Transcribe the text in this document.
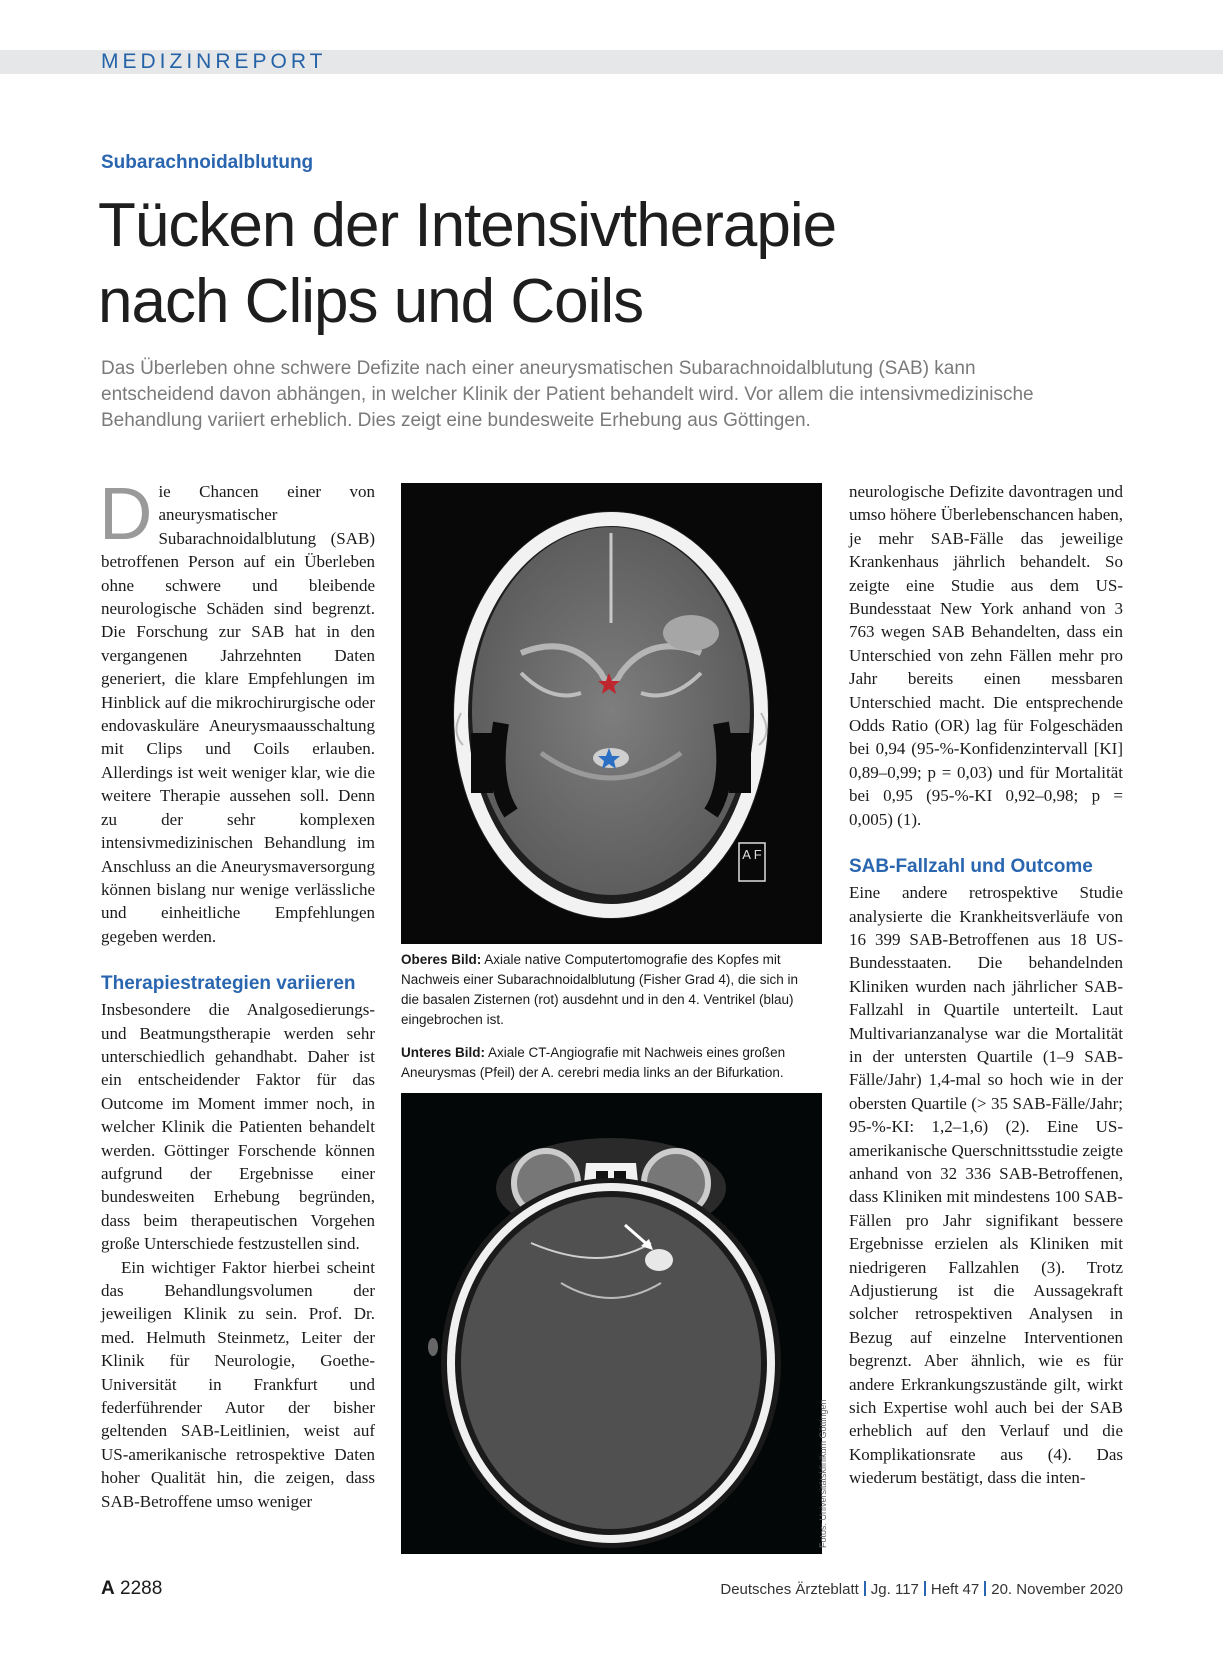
MEDIZINREPORT
Subarachnoidalblutung
Tücken der Intensivtherapie
nach Clips und Coils
Das Überleben ohne schwere Defizite nach einer aneurysmatischen Subarachnoidalblutung (SAB) kann entscheidend davon abhängen, in welcher Klinik der Patient behandelt wird. Vor allem die intensivmedizinische Behandlung variiert erheblich. Dies zeigt eine bundesweite Erhebung aus Göttingen.

Die Chancen einer von aneurysmatischer Subarachnoidalblutung (SAB) betroffenen Person auf ein Überleben ohne schwere und bleibende neurologische Schäden sind begrenzt. Die Forschung zur SAB hat in den vergangenen Jahrzehnten Daten generiert, die klare Empfehlungen im Hinblick auf die mikrochirurgische oder endovaskuläre Aneurysmaausschaltung mit Clips und Coils erlauben. Allerdings ist weit weniger klar, wie die weitere Therapie aussehen soll. Denn zu der sehr komplexen intensivmedizinischen Behandlung im Anschluss an die Aneurysmaversorgung können bislang nur wenige verlässliche und einheitliche Empfehlungen gegeben werden.

Therapiestrategien variieren

Insbesondere die Analgosedierungs- und Beatmungstherapie werden sehr unterschiedlich gehandhabt. Daher ist ein entscheidender Faktor für das Outcome im Moment immer noch, in welcher Klinik die Patienten behandelt werden. Göttinger Forschende können aufgrund der Ergebnisse einer bundesweiten Erhebung begründen, dass beim therapeutischen Vorgehen große Unterschiede festzustellen sind.

Ein wichtiger Faktor hierbei scheint das Behandlungsvolumen der jeweiligen Klinik zu sein. Prof. Dr. med. Helmuth Steinmetz, Leiter der Klinik für Neurologie, Goethe-Universität in Frankfurt und federführender Autor der bisher geltenden SAB-Leitlinien, weist auf US-amerikanische retrospektive Daten hoher Qualität hin, die zeigen, dass SAB-Betroffene umso weniger

A F
Oberes Bild: Axiale native Computertomografie des Kopfes mit Nachweis einer Subarachnoidalblutung (Fisher Grad 4), die sich in die basalen Zisternen (rot) ausdehnt und in den 4. Ventrikel (blau) eingebrochen ist.
Unteres Bild: Axiale CT-Angiografie mit Nachweis eines großen Aneurysmas (Pfeil) der A. cerebri media links an der Bifurkation.
Fotos: Universitätsklinikum Göttingen

neurologische Defizite davontragen und umso höhere Überlebenschancen haben, je mehr SAB-Fälle das jeweilige Krankenhaus jährlich behandelt. So zeigte eine Studie aus dem US-Bundesstaat New York anhand von 3 763 wegen SAB Behandelten, dass ein Unterschied von zehn Fällen mehr pro Jahr bereits einen messbaren Unterschied macht. Die entsprechende Odds Ratio (OR) lag für Folgeschäden bei 0,94 (95-%-Konfidenzintervall [KI] 0,89–0,99; p = 0,03) und für Mortalität bei 0,95 (95-%-KI 0,92–0,98; p = 0,005) (1).

SAB-Fallzahl und Outcome

Eine andere retrospektive Studie analysierte die Krankheitsverläufe von 16 399 SAB-Betroffenen aus 18 US-Bundesstaaten. Die behandelnden Kliniken wurden nach jährlicher SAB-Fallzahl in Quartile unterteilt. Laut Multivarianzanalyse war die Mortalität in der untersten Quartile (1–9 SAB-Fälle/Jahr) 1,4-mal so hoch wie in der obersten Quartile (> 35 SAB-Fälle/Jahr; 95-%-KI: 1,2–1,6) (2). Eine US-amerikanische Querschnittsstudie zeigte anhand von 32 336 SAB-Betroffenen, dass Kliniken mit mindestens 100 SAB-Fällen pro Jahr signifikant bessere Ergebnisse erzielen als Kliniken mit niedrigeren Fallzahlen (3). Trotz Adjustierung ist die Aussagekraft solcher retrospektiven Analysen in Bezug auf einzelne Interventionen begrenzt. Aber ähnlich, wie es für andere Erkrankungszustände gilt, wirkt sich Expertise wohl auch bei der SAB erheblich auf den Verlauf und die Komplikationsrate aus (4). Das wiederum bestätigt, dass die inten-

A 2288	Deutsches Ärzteblatt Jg. 117 Heft 47 20. November 2020
